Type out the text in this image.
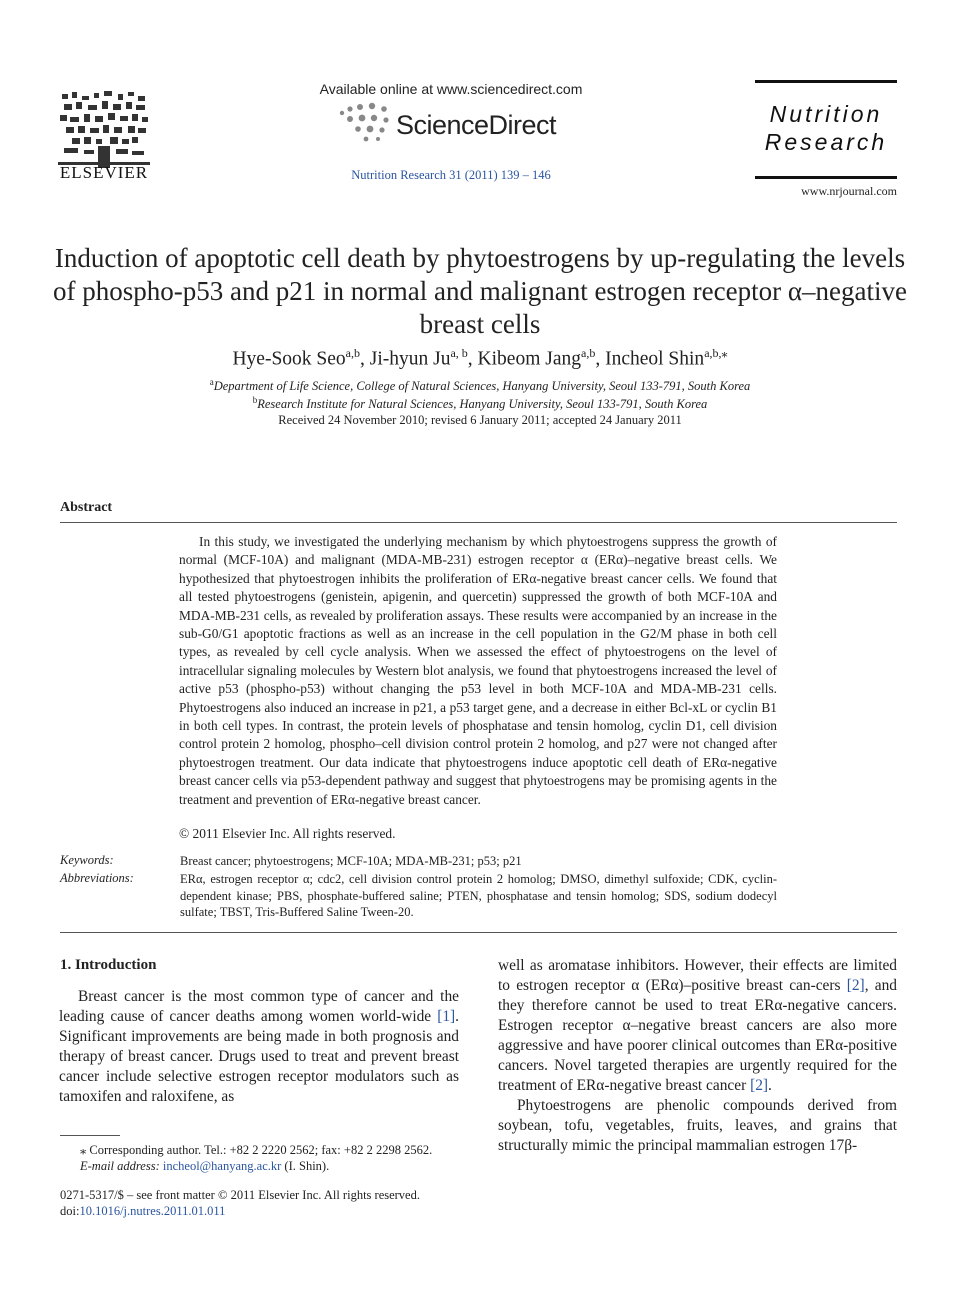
ELSEVIER
Available online at www.sciencedirect.com
ScienceDirect
Nutrition Research 31 (2011) 139 – 146
Nutrition
Research
www.nrjournal.com
Induction of apoptotic cell death by phytoestrogens by up-regulating the levels of phospho-p53 and p21 in normal and malignant estrogen receptor α–negative breast cells
Hye-Sook Seo$^{a,b}$, Ji-hyun Ju$^{a, b}$, Kibeom Jang$^{a,b}$, Incheol Shin$^{a,b,⁎}$
$^a$Department of Life Science, College of Natural Sciences, Hanyang University, Seoul 133-791, South Korea
$^b$Research Institute for Natural Sciences, Hanyang University, Seoul 133-791, South Korea
Received 24 November 2010; revised 6 January 2011; accepted 24 January 2011
Abstract

In this study, we investigated the underlying mechanism by which phytoestrogens suppress the growth of normal (MCF-10A) and malignant (MDA-MB-231) estrogen receptor α (ERα)–negative breast cells. We hypothesized that phytoestrogen inhibits the proliferation of ERα-negative breast cancer cells. We found that all tested phytoestrogens (genistein, apigenin, and quercetin) suppressed the growth of both MCF-10A and MDA-MB-231 cells, as revealed by proliferation assays. These results were accompanied by an increase in the sub-G0/G1 apoptotic fractions as well as an increase in the cell population in the G2/M phase in both cell types, as revealed by cell cycle analysis. When we assessed the effect of phytoestrogens on the level of intracellular signaling molecules by Western blot analysis, we found that phytoestrogens increased the level of active p53 (phospho-p53) without changing the p53 level in both MCF-10A and MDA-MB-231 cells. Phytoestrogens also induced an increase in p21, a p53 target gene, and a decrease in either Bcl-xL or cyclin B1 in both cell types. In contrast, the protein levels of phosphatase and tensin homolog, cyclin D1, cell division control protein 2 homolog, phospho–cell division control protein 2 homolog, and p27 were not changed after phytoestrogen treatment. Our data indicate that phytoestrogens induce apoptotic cell death of ERα-negative breast cancer cells via p53-dependent pathway and suggest that phytoestrogens may be promising agents in the treatment and prevention of ERα-negative breast cancer.

© 2011 Elsevier Inc. All rights reserved.
Keywords:	Breast cancer; phytoestrogens; MCF-10A; MDA-MB-231; p53; p21
Abbreviations:	ERα, estrogen receptor α; cdc2, cell division control protein 2 homolog; DMSO, dimethyl sulfoxide; CDK, cyclin-dependent kinase; PBS, phosphate-buffered saline; PTEN, phosphatase and tensin homolog; SDS, sodium dodecyl sulfate; TBST, Tris-Buffered Saline Tween-20.
1. Introduction

Breast cancer is the most common type of cancer and the leading cause of cancer deaths among women world-wide [1]. Significant improvements are being made in both prognosis and therapy of breast cancer. Drugs used to treat and prevent breast cancer include selective estrogen receptor modulators such as tamoxifen and raloxifene, as

well as aromatase inhibitors. However, their effects are limited to estrogen receptor α (ERα)–positive breast can-cers [2], and they therefore cannot be used to treat ERα-negative cancers. Estrogen receptor α–negative breast cancers are also more aggressive and have poorer clinical outcomes than ERα-positive cancers. Novel targeted therapies are urgently required for the treatment of ERα-negative breast cancer [2].

Phytoestrogens are phenolic compounds derived from soybean, tofu, vegetables, fruits, leaves, and grains that structurally mimic the principal mammalian estrogen 17β-

⁎ Corresponding author. Tel.: +82 2 2220 2562; fax: +82 2 2298 2562.
E-mail address: incheol@hanyang.ac.kr (I. Shin).
0271-5317/$ – see front matter © 2011 Elsevier Inc. All rights reserved.
doi:10.1016/j.nutres.2011.01.011
